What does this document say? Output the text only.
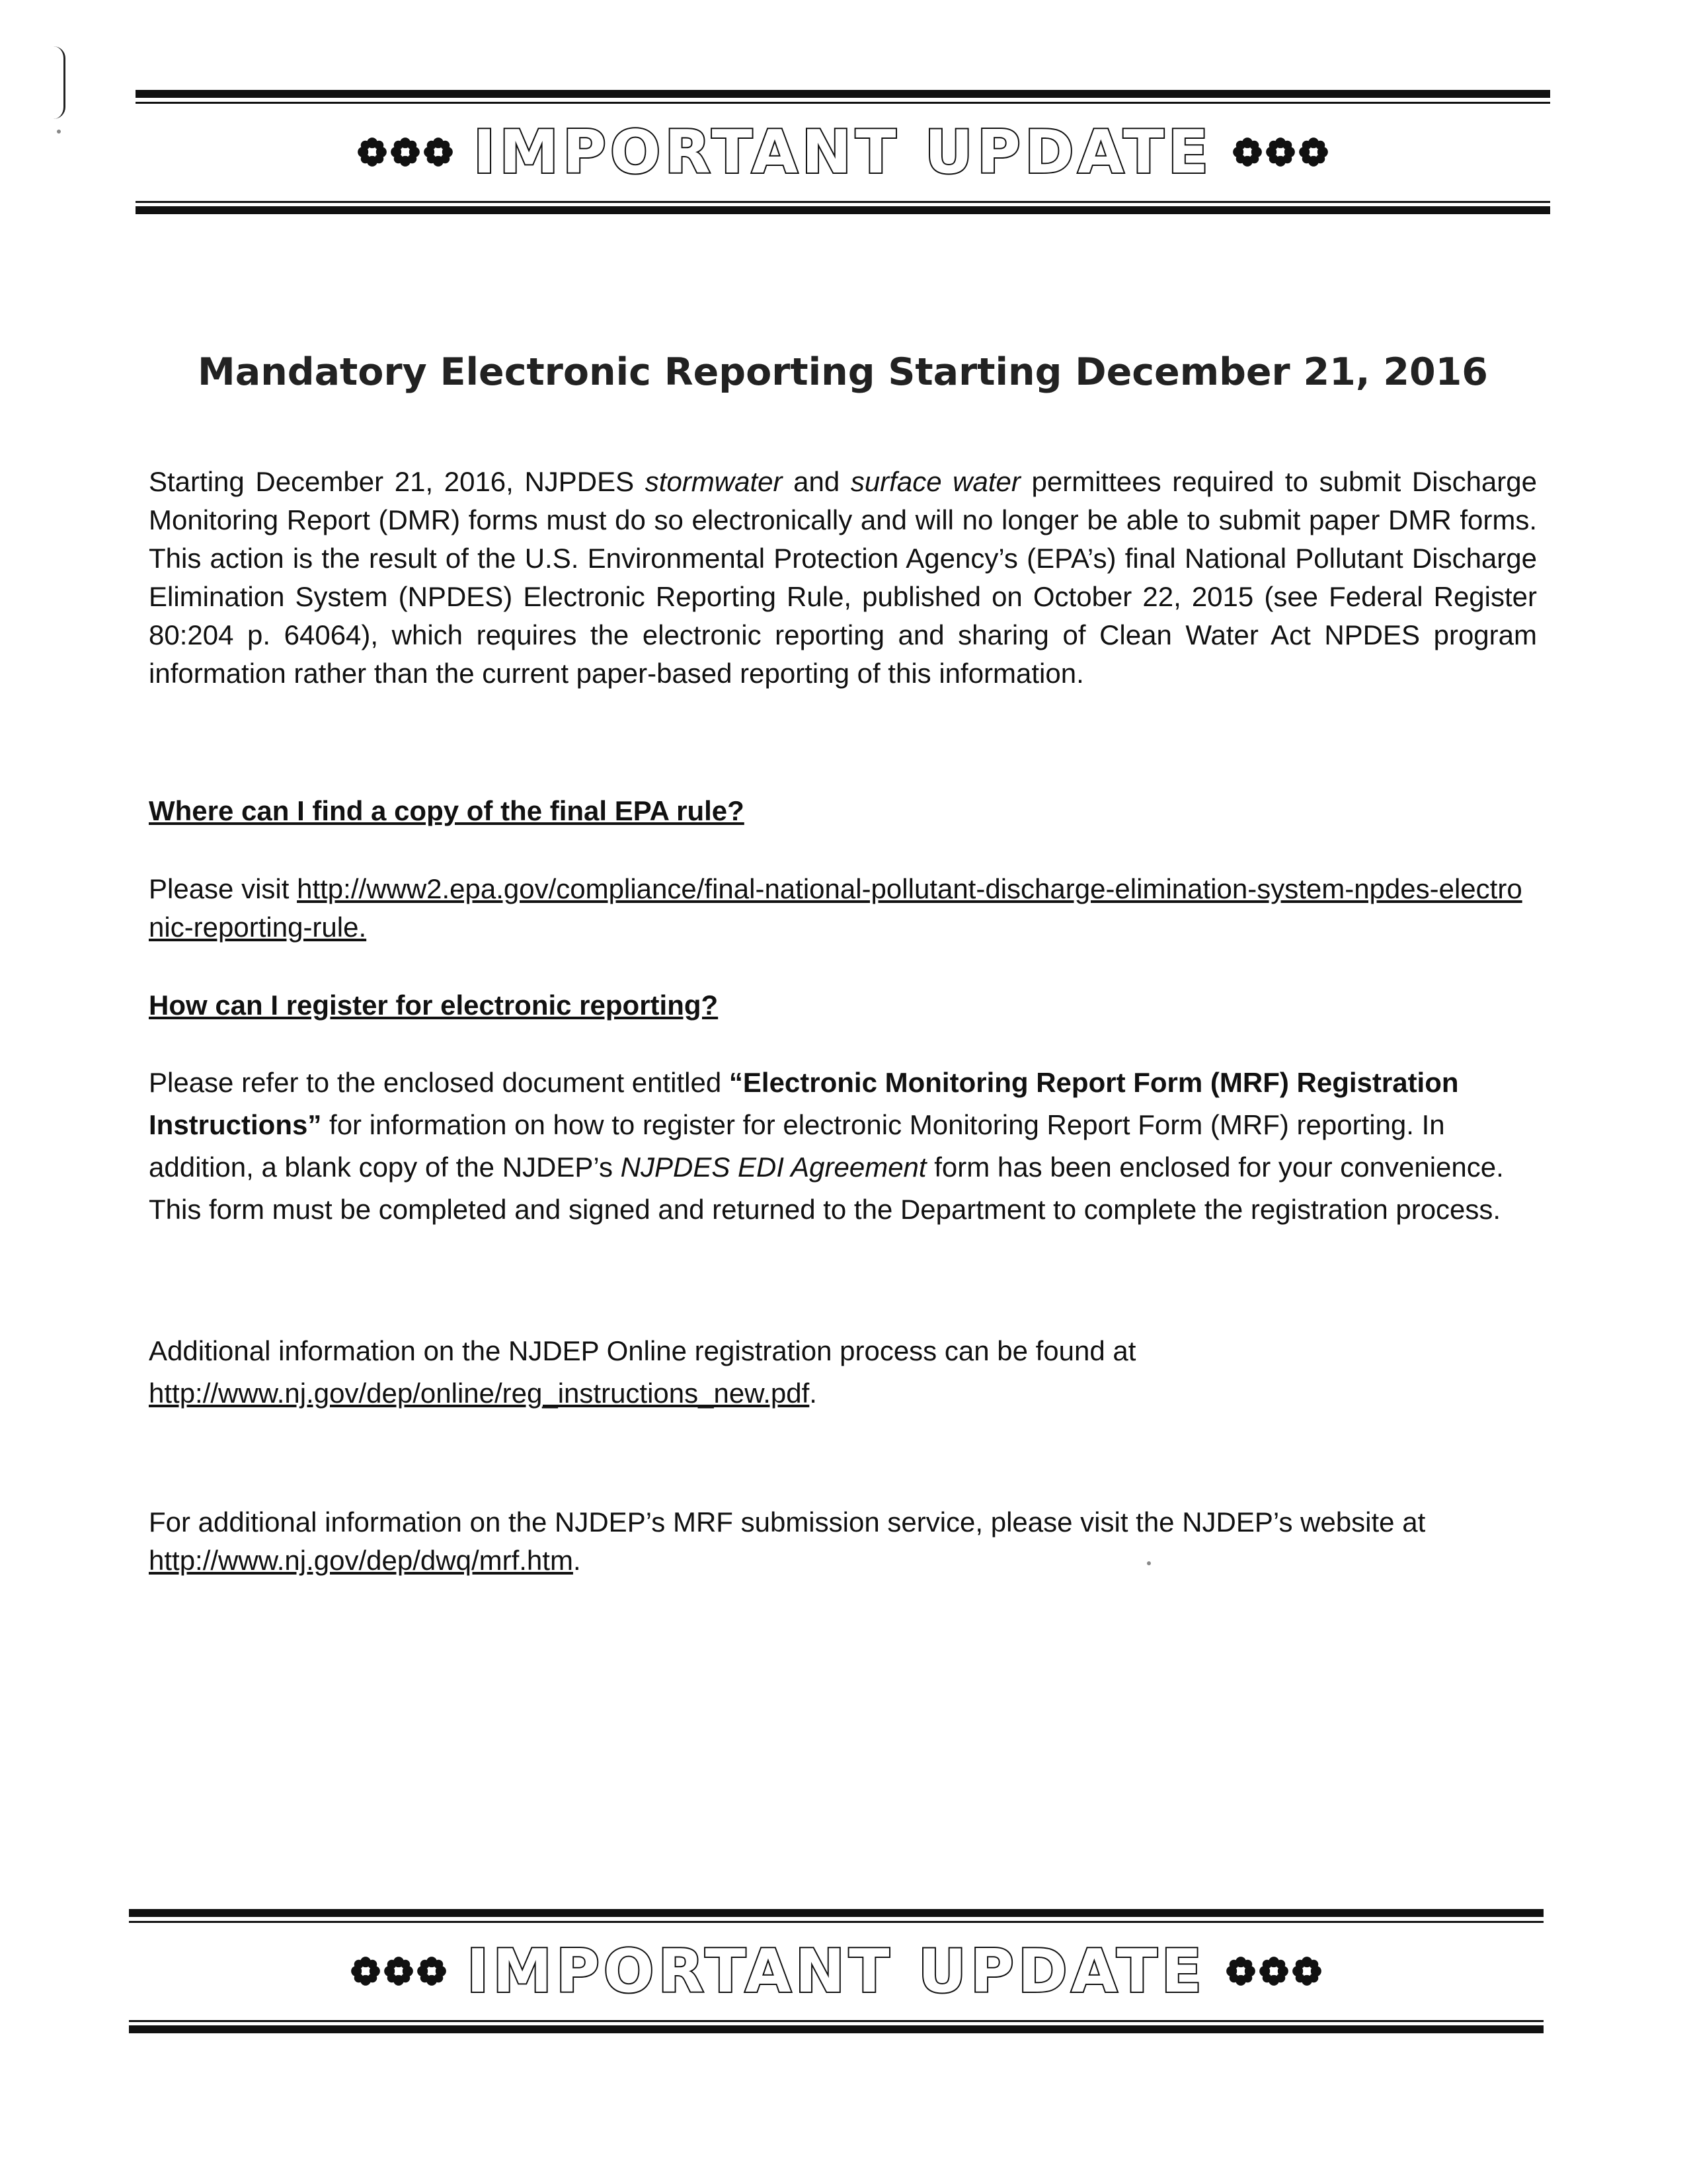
IMPORTANT UPDATE
Mandatory Electronic Reporting Starting December 21, 2016

Starting December 21, 2016, NJPDES stormwater and surface water permittees required to submit Discharge Monitoring Report (DMR) forms must do so electronically and will no longer be able to submit paper DMR forms. This action is the result of the U.S. Environmental Protection Agency’s (EPA’s) final National Pollutant Discharge Elimination System (NPDES) Electronic Reporting Rule, published on October 22, 2015 (see Federal Register 80:204 p. 64064), which requires the electronic reporting and sharing of Clean Water Act NPDES program information rather than the current paper-based reporting of this information.

Where can I find a copy of the final EPA rule?

Please visit http://www2.epa.gov/compliance/final-national-pollutant-discharge-elimination-system-npdes-electronic-reporting-rule.

How can I register for electronic reporting?

Please refer to the enclosed document entitled “Electronic Monitoring Report Form (MRF) Registration Instructions” for information on how to register for electronic Monitoring Report Form (MRF) reporting. In addition, a blank copy of the NJDEP’s NJPDES EDI Agreement form has been enclosed for your convenience. This form must be completed and signed and returned to the Department to complete the registration process.

Additional information on the NJDEP Online registration process can be found at
http://www.nj.gov/dep/online/reg_instructions_new.pdf.

For additional information on the NJDEP’s MRF submission service, please visit the NJDEP’s website at
http://www.nj.gov/dep/dwq/mrf.htm.

IMPORTANT UPDATE
